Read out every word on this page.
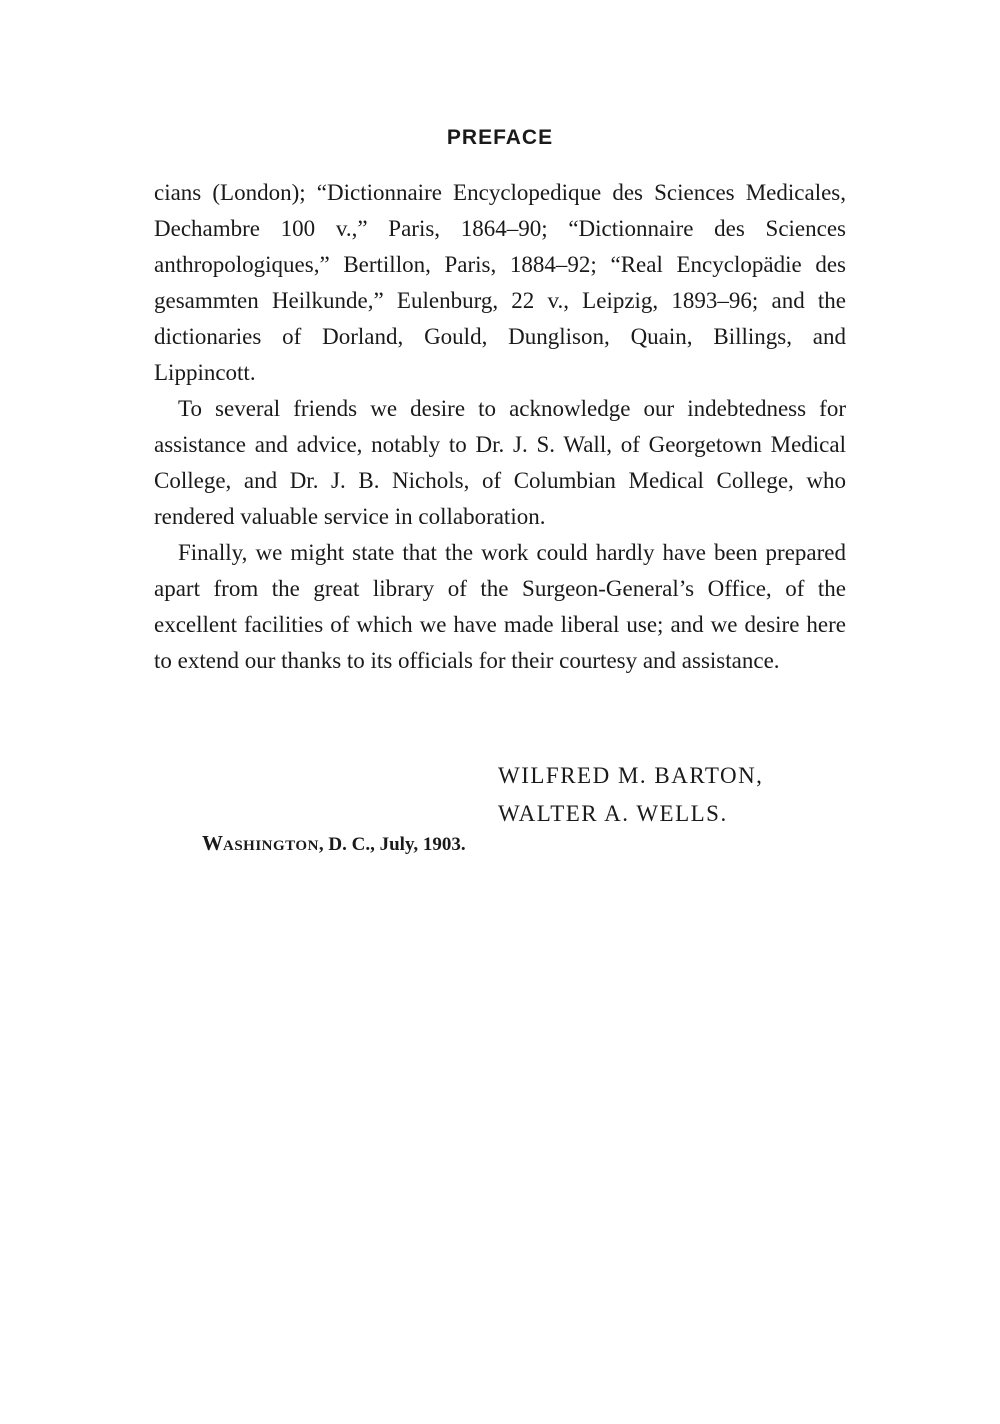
PREFACE

cians (London); “Dictionnaire Encyclopedique des Sciences Medicales, Dechambre 100 v.,” Paris, 1864–90; “Dictionnaire des Sciences anthropologiques,” Bertillon, Paris, 1884–92; “Real Encyclopädie des gesammten Heilkunde,” Eulenburg, 22 v., Leipzig, 1893–96; and the dictionaries of Dorland, Gould, Dunglison, Quain, Billings, and Lippincott.

To several friends we desire to acknowledge our indebtedness for assistance and advice, notably to Dr. J. S. Wall, of Georgetown Medical College, and Dr. J. B. Nichols, of Columbian Medical College, who rendered valuable service in collaboration.

Finally, we might state that the work could hardly have been prepared apart from the great library of the Surgeon-General’s Office, of the excellent facilities of which we have made liberal use; and we desire here to extend our thanks to its officials for their courtesy and assistance.

WILFRED M. BARTON,
WALTER A. WELLS.
WASHINGTON, D. C., July, 1903.
